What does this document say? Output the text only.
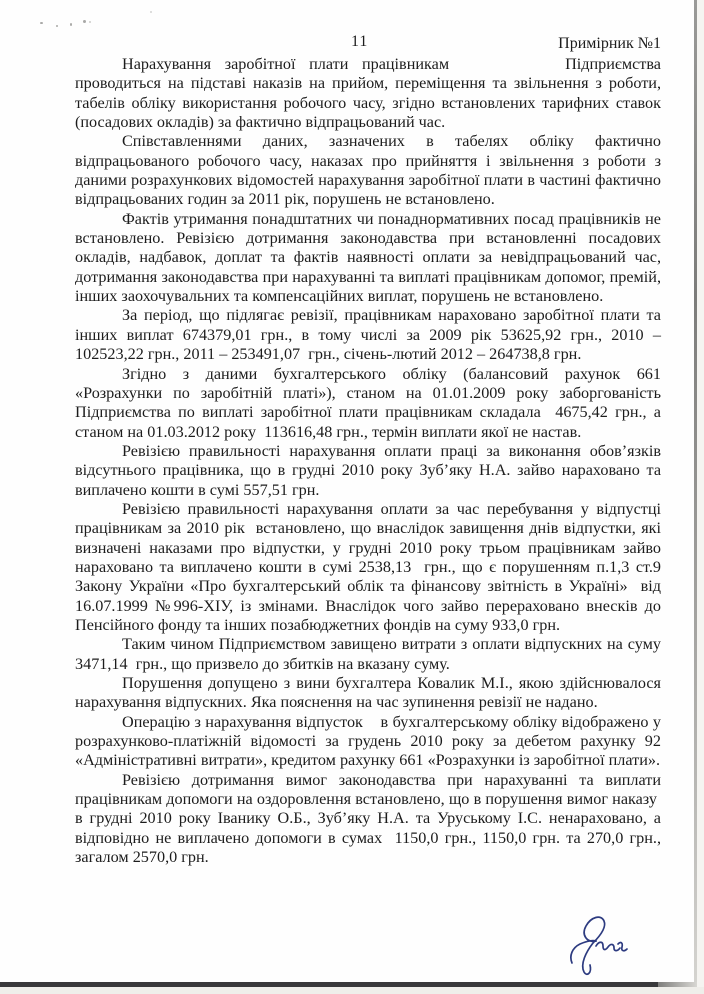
11	Примірник №1

Нарахування заробітної плати працівникам	Підприємства проводиться на підставі наказів на прийом, переміщення та звільнення з роботи, табелів обліку використання робочого часу, згідно встановлених тарифних ставок (посадових окладів) за фактично відпрацьований час.

Співставленнями даних, зазначених в табелях обліку фактично відпрацьованого робочого часу, наказах про прийняття і звільнення з роботи з даними розрахункових відомостей нарахування заробітної плати в частині фактично відпрацьованих годин за 2011 рік, порушень не встановлено.

Фактів утримання понадштатних чи понаднормативних посад працівників не встановлено. Ревізією дотримання законодавства при встановленні посадових окладів, надбавок, доплат та фактів наявності оплати за невідпрацьований час, дотримання законодавства при нарахуванні та виплаті працівникам допомог, премій, інших заохочувальних та компенсаційних виплат, порушень не встановлено.

За період, що підлягає ревізії, працівникам нараховано заробітної плати та інших виплат 674379,01 грн., в тому числі за 2009 рік 53625,92 грн., 2010 – 102523,22 грн., 2011 – 253491,07  грн., січень-лютий 2012 – 264738,8 грн.

Згідно з даними бухгалтерського обліку (балансовий рахунок 661 «Розрахунки по заробітній платі»), станом на 01.01.2009 року заборгованість Підприємства по виплаті заробітної плати працівникам складала  4675,42 грн., а станом на 01.03.2012 року  113616,48 грн., термін виплати якої не настав.

Ревізією правильності нарахування оплати праці за виконання обов’язків відсутнього працівника, що в грудні 2010 року Зуб’яку Н.А. зайво нараховано та виплачено кошти в сумі 557,51 грн.

Ревізією правильності нарахування оплати за час перебування у відпустці працівникам за 2010 рік  встановлено, що внаслідок завищення днів відпустки, які визначені наказами про відпустки, у грудні 2010 року трьом працівникам зайво нараховано та виплачено кошти в сумі 2538,13  грн., що є порушенням п.1,3 ст.9 Закону України «Про бухгалтерський облік та фінансову звітність в Україні»  від 16.07.1999 №996-ХІУ, із змінами. Внаслідок чого зайво перераховано внесків до Пенсійного фонду та інших позабюджетних фондів на суму 933,0 грн.

Таким чином Підприємством завищено витрати з оплати відпускних на суму 3471,14  грн., що призвело до збитків на вказану суму.

Порушення допущено з вини бухгалтера Ковалик М.І., якою здійснювалося нарахування відпускних. Яка пояснення на час зупинення ревізії не надано.

Операцію з нарахування відпусток    в бухгалтерському обліку відображено у розрахунково-платіжній відомості за грудень 2010 року за дебетом рахунку 92 «Адміністративні витрати», кредитом рахунку 661 «Розрахунки із заробітної плати».

Ревізією дотримання вимог законодавства при нарахуванні та виплати працівникам допомоги на оздоровлення встановлено, що в порушення вимог наказу  в грудні 2010 року Іванику О.Б., Зуб’яку Н.А. та Уруському І.С. ненараховано, а відповідно не виплачено допомоги в сумах  1150,0 грн., 1150,0 грн. та 270,0 грн., загалом 2570,0 грн.
